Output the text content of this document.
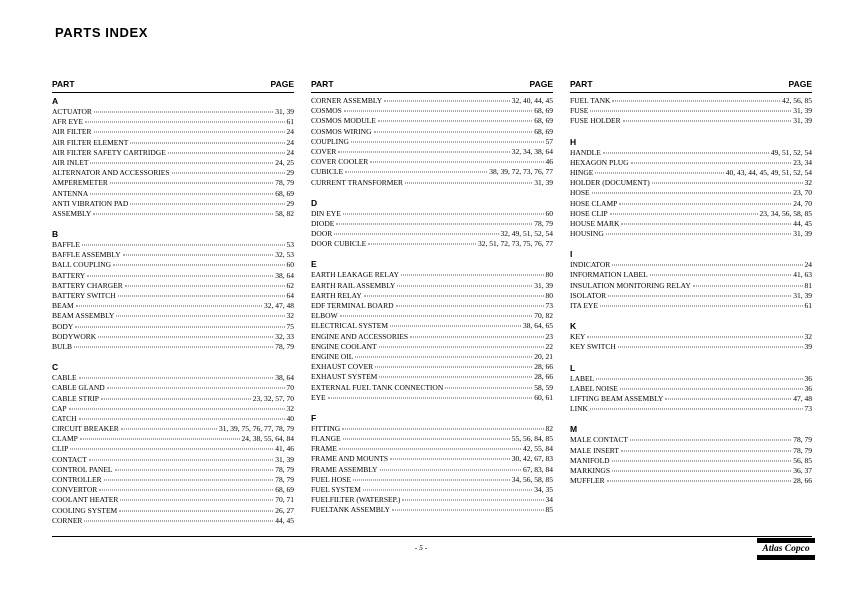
PARTS INDEX
PART	PAGE
A
ACTUATOR	31, 39
AFR EYE	61
AIR FILTER	24
AIR FILTER ELEMENT	24
AIR FILTER SAFETY CARTRIDGE	24
AIR INLET	24, 25
ALTERNATOR AND ACCESSORIES	29
AMPEREMETER	78, 79
ANTENNA	68, 69
ANTI VIBRATION PAD	29
ASSEMBLY	58, 82
B
BAFFLE	53
BAFFLE ASSEMBLY	32, 53
BALL COUPLING	60
BATTERY	38, 64
BATTERY CHARGER	62
BATTERY SWITCH	64
BEAM	32, 47, 48
BEAM ASSEMBLY	32
BODY	75
BODYWORK	32, 33
BULB	78, 79
C
CABLE	38, 64
CABLE GLAND	70
CABLE STRIP	23, 32, 57, 70
CAP	32
CATCH	40
CIRCUIT BREAKER	31, 39, 75, 76, 77, 78, 79
CLAMP	24, 38, 55, 64, 84
CLIP	41, 46
CONTACT	31, 39
CONTROL PANEL	78, 79
CONTROLLER	78, 79
CONVERTOR	68, 69
COOLANT HEATER	70, 71
COOLING SYSTEM	26, 27
CORNER	44, 45
PART	PAGE
CORNER ASSEMBLY	32, 40, 44, 45
COSMOS	68, 69
COSMOS MODULE	68, 69
COSMOS WIRING	68, 69
COUPLING	57
COVER	32, 34, 38, 64
COVER COOLER	46
CUBICLE	38, 39, 72, 73, 76, 77
CURRENT TRANSFORMER	31, 39
D
DIN EYE	60
DIODE	78, 79
DOOR	32, 49, 51, 52, 54
DOOR CUBICLE	32, 51, 72, 73, 75, 76, 77
E
EARTH LEAKAGE RELAY	80
EARTH RAIL ASSEMBLY	31, 39
EARTH RELAY	80
EDF TERMINAL BOARD	73
ELBOW	70, 82
ELECTRICAL SYSTEM	38, 64, 65
ENGINE AND ACCESSORIES	23
ENGINE COOLANT	22
ENGINE OIL	20, 21
EXHAUST COVER	28, 66
EXHAUST SYSTEM	28, 66
EXTERNAL FUEL TANK CONNECTION	58, 59
EYE	60, 61
F
FITTING	82
FLANGE	55, 56, 84, 85
FRAME	42, 55, 84
FRAME AND MOUNTS	30, 42, 67, 83
FRAME ASSEMBLY	67, 83, 84
FUEL HOSE	34, 56, 58, 85
FUEL SYSTEM	34, 35
FUELFILTER (WATERSEP.)	34
FUELTANK ASSEMBLY	85
PART	PAGE
FUEL TANK	42, 56, 85
FUSE	31, 39
FUSE HOLDER	31, 39
H
HANDLE	49, 51, 52, 54
HEXAGON PLUG	23, 34
HINGE	40, 43, 44, 45, 49, 51, 52, 54
HOLDER (DOCUMENT)	32
HOSE	23, 70
HOSE CLAMP	24, 70
HOSE CLIP	23, 34, 56, 58, 85
HOUSE MARK	44, 45
HOUSING	31, 39
I
INDICATOR	24
INFORMATION LABEL	41, 63
INSULATION MONITORING RELAY	81
ISOLATOR	31, 39
ITA EYE	61
K
KEY	32
KEY SWITCH	39
L
LABEL	36
LABEL NOISE	36
LIFTING BEAM ASSEMBLY	47, 48
LINK	73
M
MALE CONTACT	78, 79
MALE INSERT	78, 79
MANIFOLD	56, 85
MARKINGS	36, 37
MUFFLER	28, 66
- 5 -	Atlas Copco
